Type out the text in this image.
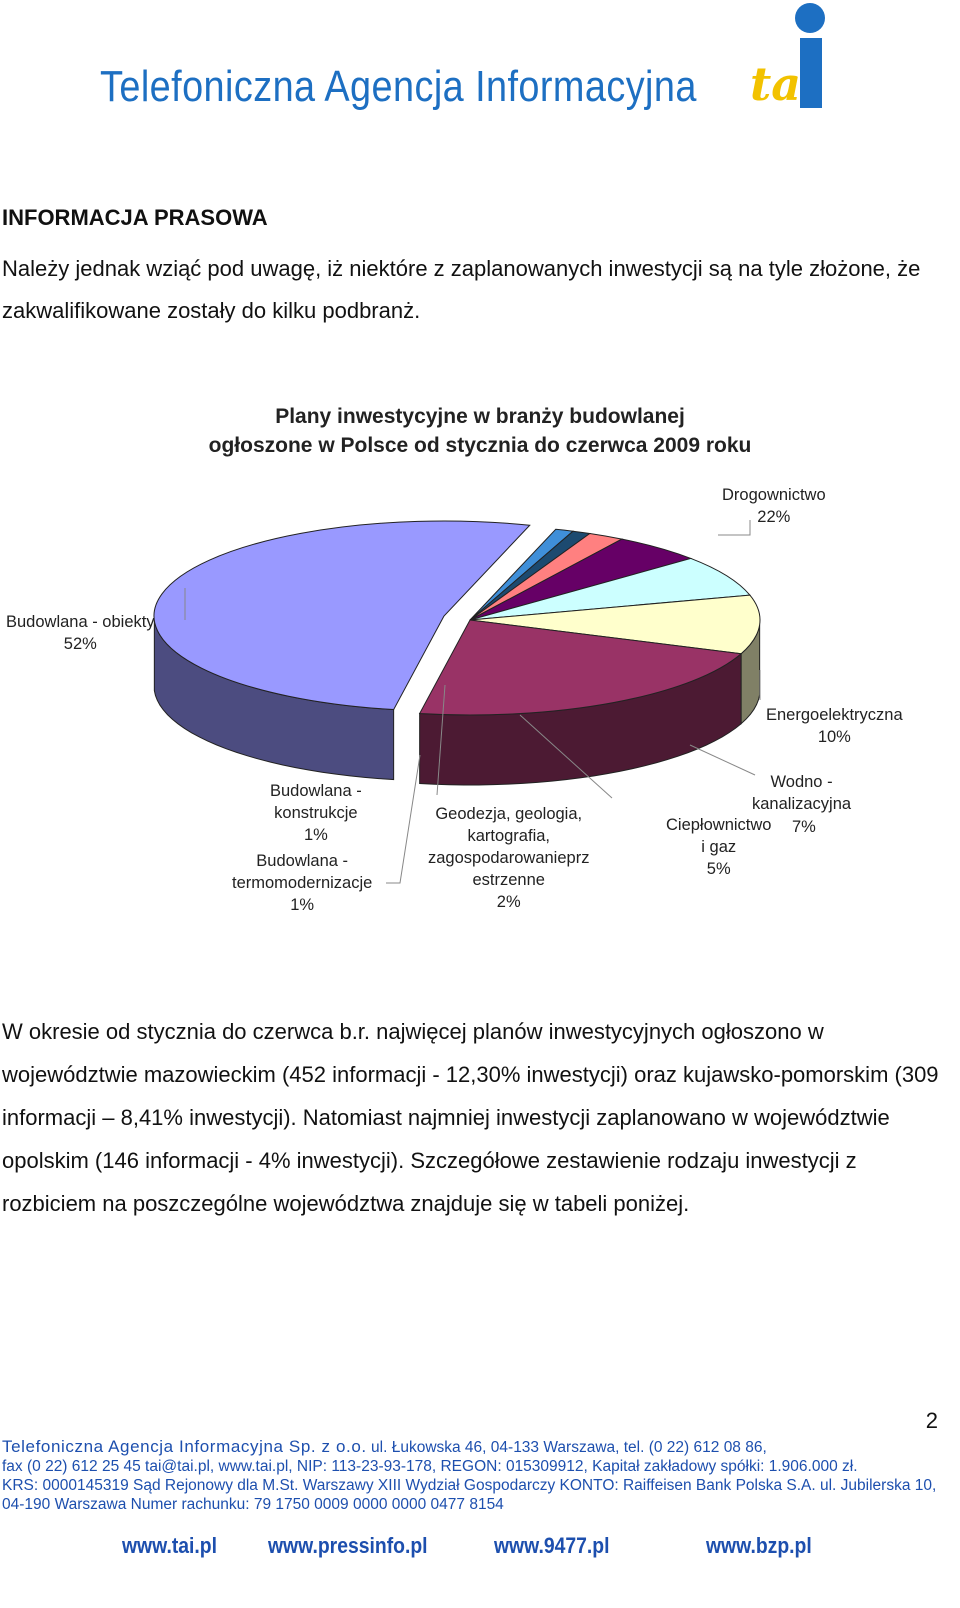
Telefoniczna Agencja Informacyjna ta
INFORMACJA PRASOWA
Należy jednak wziąć pod uwagę, iż niektóre z zaplanowanych inwestycji są na tyle złożone, że zakwalifikowane zostały do kilku podbranż.
Plany inwestycyjne w branży budowlanej
ogłoszone w Polsce od stycznia do czerwca 2009 roku
Drogownictwo
22%
Budowlana - obiekty
52%
Energoelektryczna
10%
Budowlana -
konstrukcje
1%
Budowlana -
termomodernizacje
1%
Geodezja, geologia,
kartografia,
zagospodarowanieprz
estrzenne
2%
Wodno -
kanalizacyjna
7%
Ciepłownictwo
i gaz
5%
W okresie od stycznia do czerwca b.r. najwięcej planów inwestycyjnych ogłoszono w województwie mazowieckim (452 informacji - 12,30% inwestycji) oraz kujawsko-pomorskim (309 informacji – 8,41% inwestycji). Natomiast najmniej inwestycji zaplanowano w województwie opolskim (146 informacji - 4% inwestycji). Szczegółowe zestawienie rodzaju inwestycji z rozbiciem na poszczególne województwa znajduje się w tabeli poniżej.
2
Telefoniczna Agencja Informacyjna Sp. z o.o. ul. Łukowska 46, 04-133 Warszawa, tel. (0 22) 612 08 86,
fax (0 22) 612 25 45 tai@tai.pl, www.tai.pl, NIP: 113-23-93-178, REGON: 015309912, Kapitał zakładowy spółki: 1.906.000 zł.
KRS: 0000145319 Sąd Rejonowy dla M.St. Warszawy XIII Wydział Gospodarczy KONTO: Raiffeisen Bank Polska S.A. ul. Jubilerska 10,
04-190 Warszawa Numer rachunku: 79 1750 0009 0000 0000 0477 8154
www.tai.pl www.pressinfo.pl	www.9477.pl	www.bzp.pl
